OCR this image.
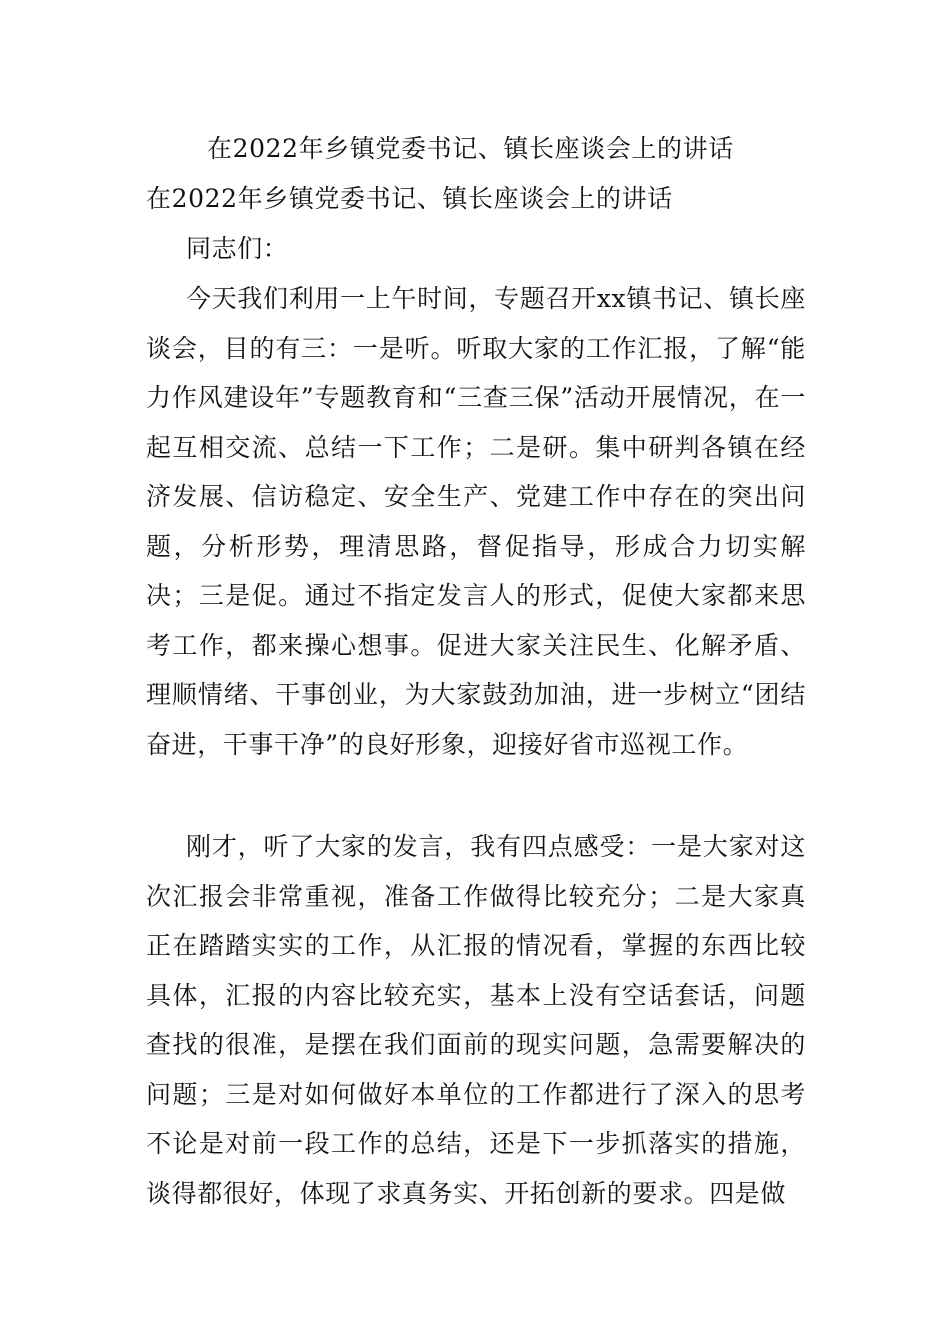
在2022年乡镇党委书记、镇长座谈会上的讲话
在2022年乡镇党委书记、镇长座谈会上的讲话
同志们：
今天我们利用一上午时间，专题召开xx镇书记、镇长座谈会，目的有三：一是听。听取大家的工作汇报，了解“能力作风建设年”专题教育和“三查三保”活动开展情况，在一起互相交流、总结一下工作；二是研。集中研判各镇在经济发展、信访稳定、安全生产、党建工作中存在的突出问题，分析形势，理清思路，督促指导，形成合力切实解决；三是促。通过不指定发言人的形式，促使大家都来思考工作，都来操心想事。促进大家关注民生、化解矛盾、理顺情绪、干事创业，为大家鼓劲加油，进一步树立“团结奋进，干事干净”的良好形象，迎接好省市巡视工作。
刚才，听了大家的发言，我有四点感受：一是大家对这次汇报会非常重视，准备工作做得比较充分；二是大家真正在踏踏实实的工作，从汇报的情况看，掌握的东西比较具体，汇报的内容比较充实，基本上没有空话套话，问题查找的很准，是摆在我们面前的现实问题，急需要解决的问题；三是对如何做好本单位的工作都进行了深入的思考不论是对前一段工作的总结，还是下一步抓落实的措施，谈得都很好，体现了求真务实、开拓创新的要求。四是做
